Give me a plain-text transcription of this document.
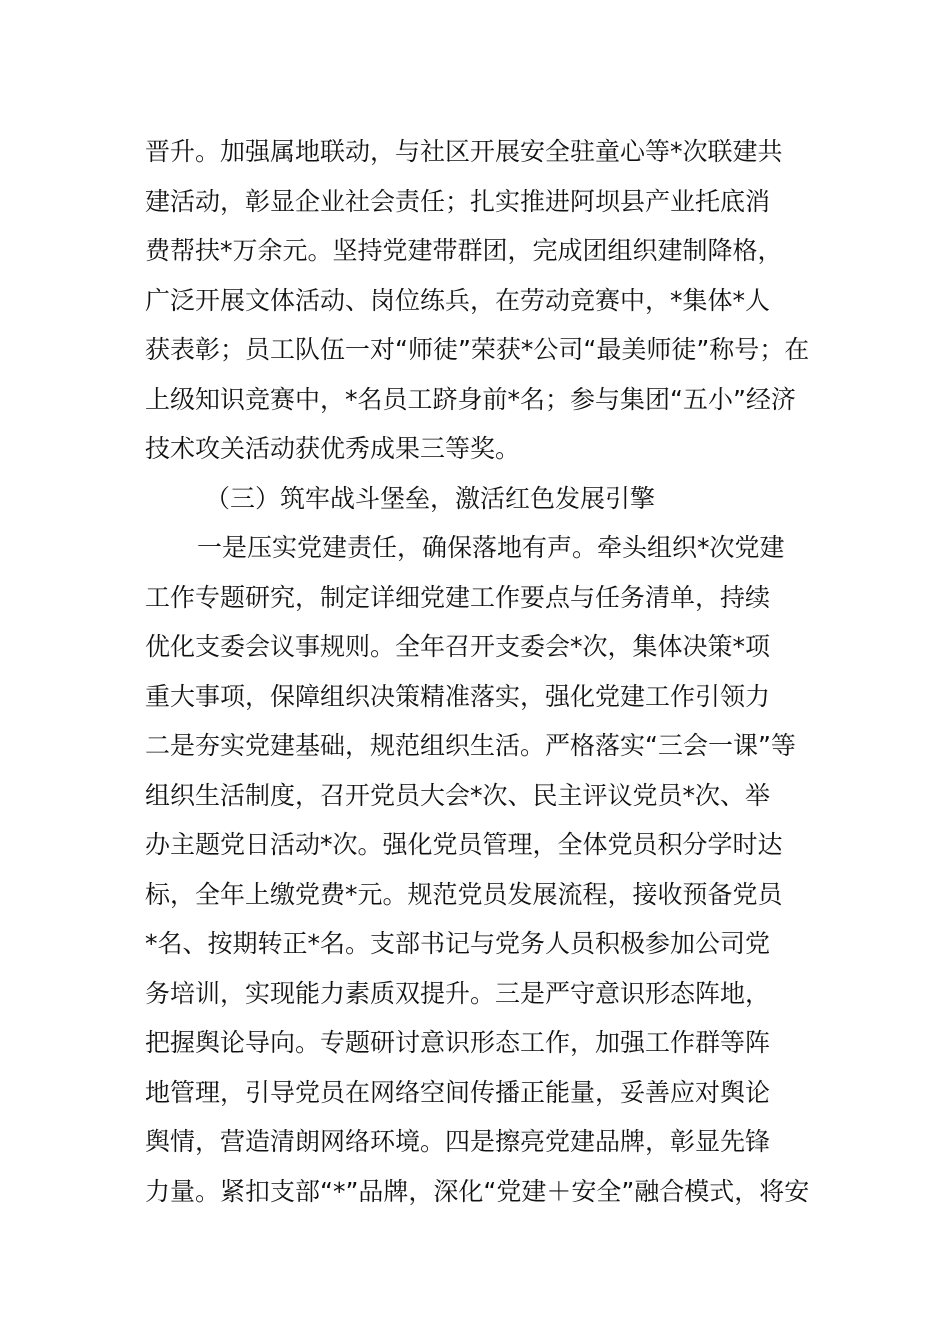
晋升。加强属地联动，与社区开展安全驻童心等*次联建共
建活动，彰显企业社会责任；扎实推进阿坝县产业托底消
费帮扶*万余元。坚持党建带群团，完成团组织建制降格，
广泛开展文体活动、岗位练兵，在劳动竞赛中，*集体*人
获表彰；员工队伍一对“师徒”荣获*公司“最美师徒”称号；在
上级知识竞赛中，*名员工跻身前*名；参与集团“五小”经济
技术攻关活动获优秀成果三等奖。
（三）筑牢战斗堡垒，激活红色发展引擎
一是压实党建责任，确保落地有声。牵头组织*次党建
工作专题研究，制定详细党建工作要点与任务清单，持续
优化支委会议事规则。全年召开支委会*次，集体决策*项
重大事项，保障组织决策精准落实，强化党建工作引领力
二是夯实党建基础，规范组织生活。严格落实“三会一课”等
组织生活制度，召开党员大会*次、民主评议党员*次、举
办主题党日活动*次。强化党员管理，全体党员积分学时达
标，全年上缴党费*元。规范党员发展流程，接收预备党员
*名、按期转正*名。支部书记与党务人员积极参加公司党
务培训，实现能力素质双提升。三是严守意识形态阵地，
把握舆论导向。专题研讨意识形态工作，加强工作群等阵
地管理，引导党员在网络空间传播正能量，妥善应对舆论
舆情，营造清朗网络环境。四是擦亮党建品牌，彰显先锋
力量。紧扣支部“*”品牌，深化“党建＋安全”融合模式，将安
